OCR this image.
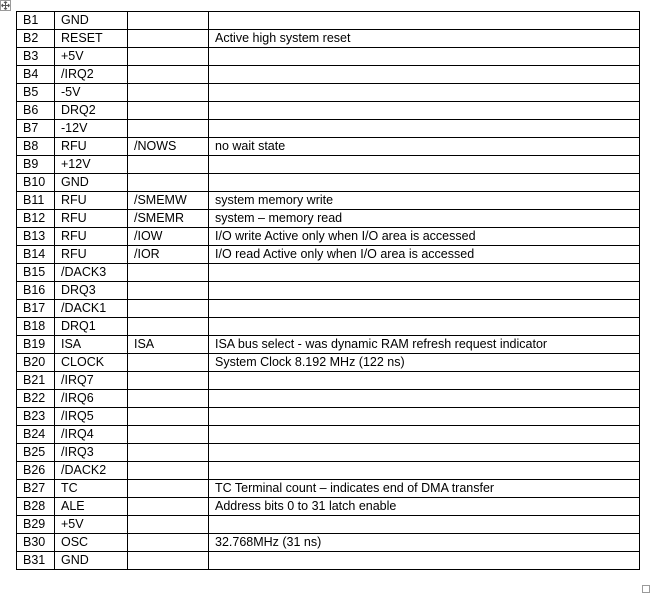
B1	GND		
B2	RESET		Active high system reset
B3	+5V		
B4	/IRQ2		
B5	-5V		
B6	DRQ2		
B7	-12V		
B8	RFU	/NOWS	no wait state
B9	+12V		
B10	GND		
B11	RFU	/SMEMW	system memory write
B12	RFU	/SMEMR	system – memory read
B13	RFU	/IOW	I/O write Active only when I/O area is accessed
B14	RFU	/IOR	I/O read Active only when I/O area is accessed
B15	/DACK3		
B16	DRQ3		
B17	/DACK1		
B18	DRQ1		
B19	ISA	ISA	ISA bus select - was dynamic RAM refresh request indicator
B20	CLOCK		System Clock 8.192 MHz (122 ns)
B21	/IRQ7		
B22	/IRQ6		
B23	/IRQ5		
B24	/IRQ4		
B25	/IRQ3		
B26	/DACK2		
B27	TC		TC Terminal count – indicates end of DMA transfer
B28	ALE		Address bits 0 to 31 latch enable
B29	+5V		
B30	OSC		32.768MHz (31 ns)
B31	GND		
